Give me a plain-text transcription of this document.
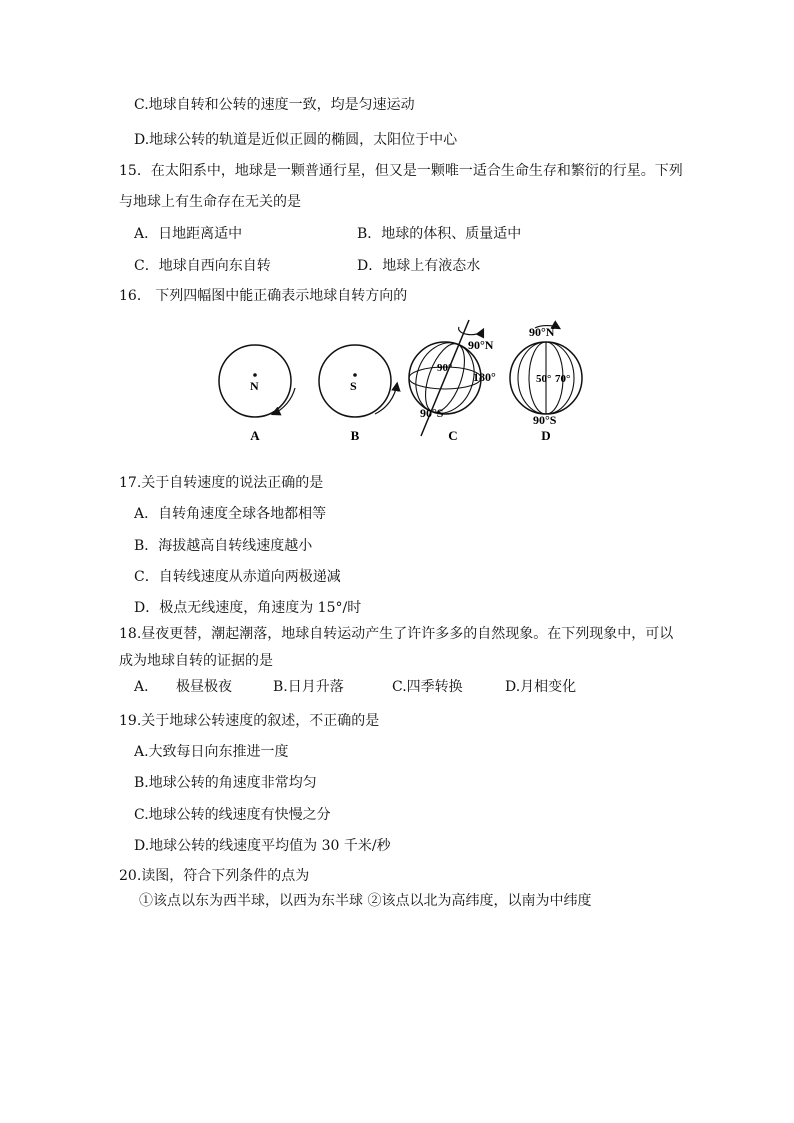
C.地球自转和公转的速度一致，均是匀速运动
D.地球公转的轨道是近似正圆的椭圆，太阳位于中心
15．在太阳系中，地球是一颗普通行星，但又是一颗唯一适合生命生存和繁衍的行星。下列
与地球上有生命存在无关的是
A．日地距离适中	B．地球的体积、质量适中
C．地球自西向东自转	D．地球上有液态水
16． 下列四幅图中能正确表示地球自转方向的
N	S
90°N
90°
180°
90°S
90°N
50° 70°
90°S
A	B	C	D
17.关于自转速度的说法正确的是
A．自转角速度全球各地都相等
B．海拔越高自转线速度越小
C．自转线速度从赤道向两极递减
D．极点无线速度，角速度为 15°/时
18.昼夜更替，潮起潮落，地球自转运动产生了许许多多的自然现象。在下列现象中，可以
成为地球自转的证据的是
A． 极昼极夜	B.日月升落	C.四季转换	D.月相变化
19.关于地球公转速度的叙述，不正确的是
A.大致每日向东推进一度
B.地球公转的角速度非常均匀
C.地球公转的线速度有快慢之分
D.地球公转的线速度平均值为 30 千米/秒
20.读图，符合下列条件的点为
①该点以东为西半球，以西为东半球 ②该点以北为高纬度，以南为中纬度
